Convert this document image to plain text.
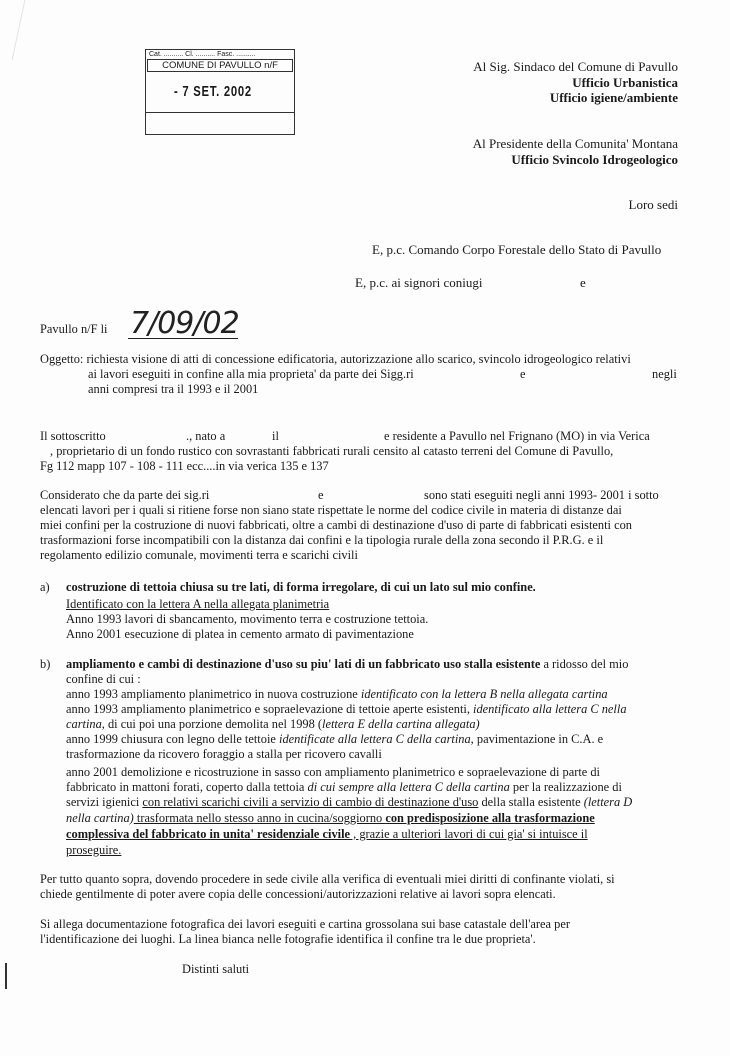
Cat. .......... Cl. .......... Fasc. ..........
COMUNE DI PAVULLO n/F
- 7 SET. 2002
Al Sig. Sindaco del Comune di Pavullo
Ufficio Urbanistica
Ufficio igiene/ambiente
Al Presidente della Comunita' Montana
Ufficio Svincolo Idrogeologico
Loro sedi
E, p.c. Comando Corpo Forestale dello Stato di Pavullo
E, p.c. ai signori coniugi	e
Pavullo n/F li 7/09/02
Oggetto: richiesta visione di atti di concessione edificatoria, autorizzazione allo scarico, svincolo idrogeologico relativi
ai lavori eseguiti in confine alla mia proprieta' da parte dei Sigg.ri	e	negli
anni compresi tra il 1993 e il 2001
Il sottoscritto	., nato a	il	e residente a Pavullo nel Frignano (MO) in via Verica
, proprietario di un fondo rustico con sovrastanti fabbricati rurali censito al catasto terreni del Comune di Pavullo,
Fg 112 mapp 107 - 108 - 111 ecc....in via verica 135 e 137
Considerato che da parte dei sig.ri	e	sono stati eseguiti negli anni 1993- 2001 i sotto
elencati lavori per i quali si ritiene forse non siano state rispettate le norme del codice civile in materia di distanze dai
miei confini per la costruzione di nuovi fabbricati, oltre a cambi di destinazione d'uso di parte di fabbricati esistenti con
trasformazioni forse incompatibili con la distanza dai confini e la tipologia rurale della zona secondo il P.R.G. e il
regolamento edilizio comunale, movimenti terra e scarichi civili
a) costruzione di tettoia chiusa su tre lati, di forma irregolare, di cui un lato sul mio confine.
Identificato con la lettera A nella allegata planimetria
Anno 1993 lavori di sbancamento, movimento terra e costruzione tettoia.
Anno 2001 esecuzione di platea in cemento armato di pavimentazione
b) ampliamento e cambi di destinazione d'uso su piu' lati di un fabbricato uso stalla esistente a ridosso del mio
confine di cui :
anno 1993 ampliamento planimetrico in nuova costruzione identificato con la lettera B nella allegata cartina
anno 1993 ampliamento planimetrico e sopraelevazione di tettoie aperte esistenti, identificato alla lettera C nella
cartina, di cui poi una porzione demolita nel 1998 (lettera E della cartina allegata)
anno 1999 chiusura con legno delle tettoie identificate alla lettera C della cartina, pavimentazione in C.A. e
trasformazione da ricovero foraggio a stalla per ricovero cavalli
anno 2001 demolizione e ricostruzione in sasso con ampliamento planimetrico e sopraelevazione di parte di
fabbricato in mattoni forati, coperto dalla tettoia di cui sempre alla lettera C della cartina per la realizzazione di
servizi igienici con relativi scarichi civili a servizio di cambio di destinazione d'uso della stalla esistente (lettera D
nella cartina) trasformata nello stesso anno in cucina/soggiorno con predisposizione alla trasformazione
complessiva del fabbricato in unita' residenziale civile , grazie a ulteriori lavori di cui gia' si intuisce il
proseguire.
Per tutto quanto sopra, dovendo procedere in sede civile alla verifica di eventuali miei diritti di confinante violati, si
chiede gentilmente di poter avere copia delle concessioni/autorizzazioni relative ai lavori sopra elencati.
Si allega documentazione fotografica dei lavori eseguiti e cartina grossolana sui base catastale dell'area per
l'identificazione dei luoghi. La linea bianca nelle fotografie identifica il confine tra le due proprieta'.
Distinti saluti
